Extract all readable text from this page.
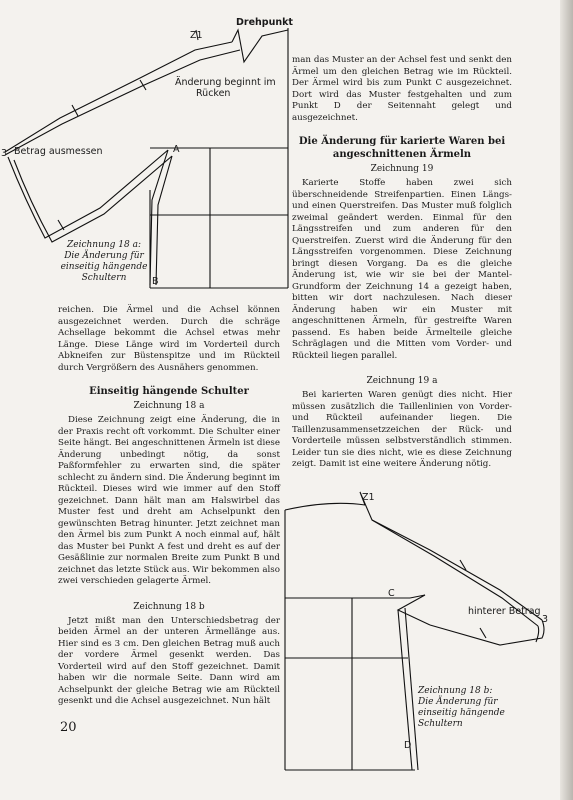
Drehpunkt
Z1
Änderung beginnt im
Rücken
Betrag ausmessen
3	A
B
Zeichnung 18 a:
Die Änderung für
einseitig hängende
Schultern

reichen. Die Ärmel und die Achsel können ausgezeichnet werden. Durch die schräge Achsellage bekommt die Achsel etwas mehr Länge. Diese Länge wird im Vorderteil durch Abkneifen zur Büstenspitze und im Rückteil durch Vergrößern des Ausnähers genommen.

Einseitig hängende Schulter
Zeichnung 18 a

Diese Zeichnung zeigt eine Änderung, die in der Praxis recht oft vorkommt. Die Schulter einer Seite hängt. Bei angeschnittenen Ärmeln ist diese Änderung unbedingt nötig, da sonst Paßformfehler zu erwarten sind, die später schlecht zu ändern sind. Die Änderung beginnt im Rückteil. Dieses wird wie immer auf den Stoff gezeichnet. Dann hält man am Halswirbel das Muster fest und dreht am Achselpunkt den gewünschten Betrag hinunter. Jetzt zeichnet man den Ärmel bis zum Punkt A noch einmal auf, hält das Muster bei Punkt A fest und dreht es auf der Gesäßlinie zur normalen Breite zum Punkt B und zeichnet das letzte Stück aus. Wir bekommen also zwei verschieden gelagerte Ärmel.

Zeichnung 18 b

Jetzt mißt man den Unterschiedsbetrag der beiden Ärmel an der unteren Ärmellänge aus. Hier sind es 3 cm. Den gleichen Betrag muß auch der vordere Ärmel gesenkt werden. Das Vorderteil wird auf den Stoff gezeichnet. Damit haben wir die normale Seite. Dann wird am Achselpunkt der gleiche Betrag wie am Rückteil gesenkt und die Achsel ausgezeichnet. Nun hält

man das Muster an der Achsel fest und senkt den Ärmel um den gleichen Betrag wie im Rückteil. Der Ärmel wird bis zum Punkt C ausgezeichnet. Dort wird das Muster festgehalten und zum Punkt D der Seitennaht gelegt und ausgezeichnet.

Die Änderung für karierte Waren bei angeschnittenen Ärmeln
Zeichnung 19

Karierte Stoffe haben zwei sich überschneidende Streifenpartien. Einen Längs- und einen Querstreifen. Das Muster muß folglich zweimal geändert werden. Einmal für den Längsstreifen und zum anderen für den Querstreifen. Zuerst wird die Änderung für den Längsstreifen vorgenommen. Diese Zeichnung bringt diesen Vorgang. Da es die gleiche Änderung ist, wie wir sie bei der Mantel-Grundform der Zeichnung 14 a gezeigt haben, bitten wir dort nachzulesen. Nach dieser Änderung haben wir ein Muster mit angeschnittenen Ärmeln, für gestreifte Waren passend. Es haben beide Ärmelteile gleiche Schräglagen und die Mitten vom Vorder- und Rückteil liegen parallel.

Zeichnung 19 a

Bei karierten Waren genügt dies nicht. Hier müssen zusätzlich die Taillenlinien von Vorder- und Rückteil aufeinander liegen. Die Taillenzusammensetzzeichen der Rück- und Vorderteile müssen selbstverständlich stimmen. Leider tun sie dies nicht, wie es diese Zeichnung zeigt. Damit ist eine weitere Änderung nötig.

Z1
C
hinterer Betrag
3
D
Zeichnung 18 b:
Die Änderung für
einseitig hängende
Schultern
20
